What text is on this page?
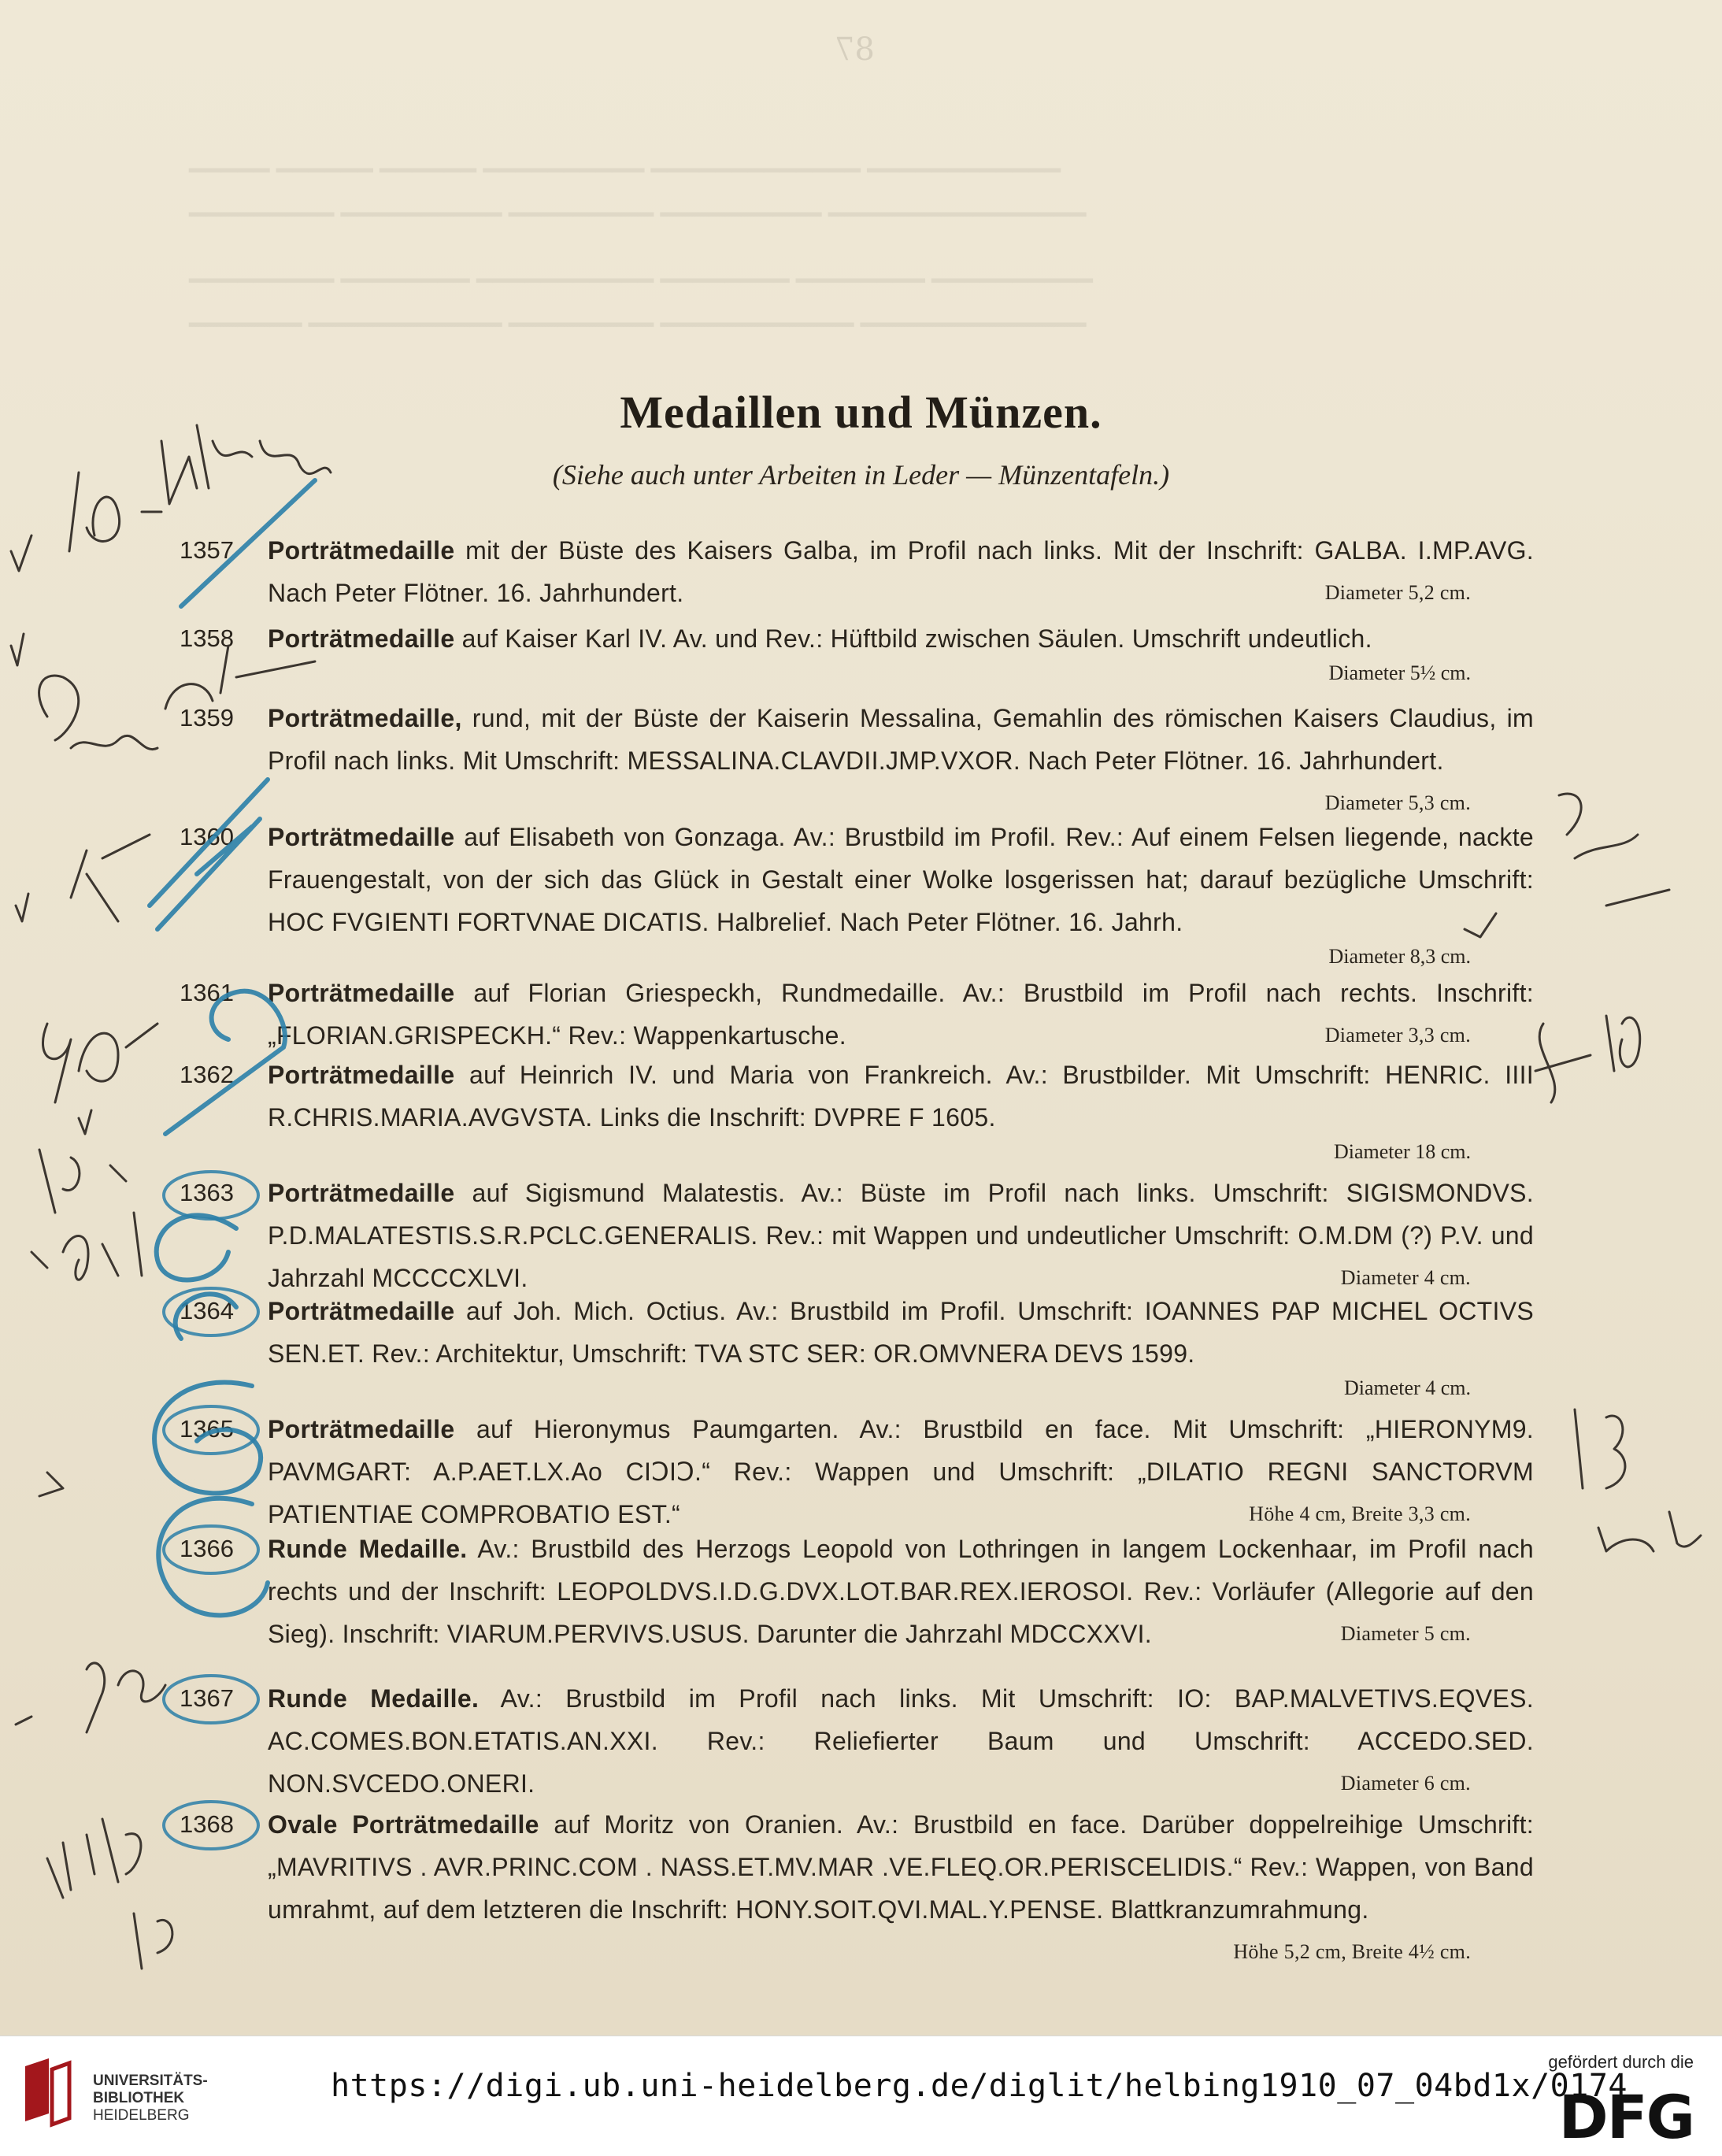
87
━━━━━ ━━━━━━ ━━━━━━ ━━━━━━━━━━ ━━━━━━━━━━━━━ ━━━━━━━━━━━━
━━━━━━━━━ ━━━━━━━━━━ ━━━━━━━━━ ━━━━━━━━━━ ━━━━━━━━━━━━━━━━
━━━━━━━━━ ━━━━━━━━ ━━━━━━━━━━━ ━━━━━━━━ ━━━━━━━━ ━━━━━━━━━━
━━━━━━━ ━━━━━━━━━━━━ ━━━━━━━━━ ━━━━━━━━━━━━ ━━━━━━━━━━━━━━
Medaillen und Münzen.
(Siehe auch unter Arbeiten in Leder — Münzentafeln.)
1357	Porträtmedaille mit der Büste des Kaisers Galba, im Profil nach links. Mit der Inschrift: GALBA. I.MP.AVG. Nach Peter Flötner. 16. Jahrhundert.	Diameter 5,2 cm.
1358	Porträtmedaille auf Kaiser Karl IV. Av. und Rev.: Hüftbild zwischen Säulen. Umschrift undeutlich.
Diameter 5½ cm.
1359	Porträtmedaille, rund, mit der Büste der Kaiserin Messalina, Gemahlin des römischen Kaisers Claudius, im Profil nach links. Mit Umschrift: MESSALINA.CLAVDII.JMP.VXOR. Nach Peter Flötner. 16. Jahrhundert.
Diameter 5,3 cm.
1360	Porträtmedaille auf Elisabeth von Gonzaga. Av.: Brustbild im Profil. Rev.: Auf einem Felsen liegende, nackte Frauengestalt, von der sich das Glück in Gestalt einer Wolke losgerissen hat; darauf bezügliche Umschrift: HOC FVGIENTI FORTVNAE DICATIS. Halbrelief. Nach Peter Flötner. 16. Jahrh.
Diameter 8,3 cm.
1361	Porträtmedaille auf Florian Griespeckh, Rundmedaille. Av.: Brustbild im Profil nach rechts. Inschrift: „FLORIAN.GRISPECKH.“ Rev.: Wappenkartusche.	Diameter 3,3 cm.
1362	Porträtmedaille auf Heinrich IV. und Maria von Frankreich. Av.: Brustbilder. Mit Umschrift: HENRIC. IIII R.CHRIS.MARIA.AVGVSTA. Links die Inschrift: DVPRE F 1605.
Diameter 18 cm.
1363	Porträtmedaille auf Sigismund Malatestis. Av.: Büste im Profil nach links. Umschrift: SIGISMONDVS. P.D.MALATESTIS.S.R.PCLC.GENERALIS. Rev.: mit Wappen und undeutlicher Umschrift: O.M.DM (?) P.V. und Jahrzahl MCCCCXLVI.	Diameter 4 cm.
1364	Porträtmedaille auf Joh. Mich. Octius. Av.: Brustbild im Profil. Umschrift: IOANNES PAP MICHEL OCTIVS SEN.ET. Rev.: Architektur, Umschrift: TVA STC SER: OR.OMVNERA DEVS 1599.
Diameter 4 cm.
1365	Porträtmedaille auf Hieronymus Paumgarten. Av.: Brustbild en face. Mit Umschrift: „HIERONYM9. PAVMGART: A.P.AET.LX.Ao CIↃIↃ.“ Rev.: Wappen und Umschrift: „DILATIO REGNI SANCTORVM PATIENTIAE COMPROBATIO EST.“	Höhe 4 cm, Breite 3,3 cm.
1366	Runde Medaille. Av.: Brustbild des Herzogs Leopold von Lothringen in langem Lockenhaar, im Profil nach rechts und der Inschrift: LEOPOLDVS.I.D.G.DVX.LOT.BAR.REX.IEROSOI. Rev.: Vorläufer (Allegorie auf den Sieg). Inschrift: VIARUM.PERVIVS.USUS. Darunter die Jahrzahl MDCCXXVI.	Diameter 5 cm.
1367	Runde Medaille. Av.: Brustbild im Profil nach links. Mit Umschrift: IO: BAP.MALVETIVS.EQVES. AC.COMES.BON.ETATIS.AN.XXI. Rev.: Reliefierter Baum und Umschrift: ACCEDO.SED. NON.SVCEDO.ONERI.	Diameter 6 cm.
1368	Ovale Porträtmedaille auf Moritz von Oranien. Av.: Brustbild en face. Darüber doppelreihige Umschrift: „MAVRITIVS . AVR.PRINC.COM . NASS.ET.MV.MAR .VE.FLEQ.OR.PERISCELIDIS.“ Rev.: Wappen, von Band umrahmt, auf dem letzteren die Inschrift: HONY.SOIT.QVI.MAL.Y.PENSE. Blattkranzumrahmung.
Höhe 5,2 cm, Breite 4½ cm.
UNIVERSITÄTS-
BIBLIOTHEK
HEIDELBERG
https://digi.ub.uni-heidelberg.de/diglit/helbing1910_07_04bd1x/0174
gefördert durch die
DFG
